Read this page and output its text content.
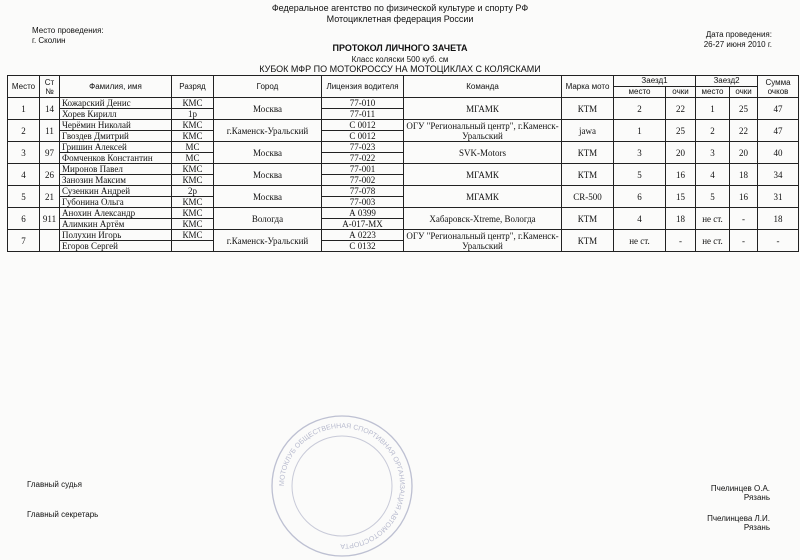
Федеральное агентство по физической культуре и спорту РФ
Мотоциклетная федерация России
Место проведения:
г. Сколин
Дата проведения:
26-27 июня 2010 г.
ПРОТОКОЛ ЛИЧНОГО ЗАЧЕТА
Класс коляски 500 куб. см
КУБОК МФР ПО МОТОКРОССУ НА МОТОЦИКЛАХ С КОЛЯСКАМИ
Место	Ст №	Фамилия, имя	Разряд	Город	Лицензия водителя	Команда	Марка мото	Заезд1		Заезд2		Сумма очков
								место	очки	место	очки	
1	14	Кожарский Денис	КМС	Москва	77-010	МГАМК	КТМ	2	22	1	25	47
		Хорев Кирилл	1р		77-011							
2	11	Черёмин Николай	КМС	г.Каменск-Уральский	С 0012	ОГУ "Региональный центр", г.Каменск-Уральский	jawa	1	25	2	22	47
		Гвоздев Дмитрий	КМС		С 0012							
3	97	Гришин Алексей	МС	Москва	77-023	SVK-Motors	КТМ	3	20	3	20	40
		Фомченков Константин	МС		77-022							
4	26	Миронов Павел	КМС	Москва	77-001	МГАМК	КТМ	5	16	4	18	34
		Занозин Максим	КМС		77-002							
5	21	Сузенкин Андрей	2р	Москва	77-078	МГАМК	CR-500	6	15	5	16	31
		Губонина Ольга	КМС		77-003							
6	911	Анохин Александр	КМС	Вологда	А 0399	Хабаровск-Xtreme, Вологда	КТМ	4	18	не ст.	-	18
		Алимкин Артём	КМС		А-017-МХ							
7		Полухин Игорь	КМС	г.Каменск-Уральский	А 0223	ОГУ "Региональный центр", г.Каменск-Уральский	КТМ	не ст.	-	не ст.	-	-
		Егоров Сергей			С 0132							
Главный судья
Главный секретарь
Пчелинцев О.А.
Рязань
Пчелинцева Л.И.
Рязань
МОТОКЛУБ ОБЩЕСТВЕННАЯ СПОРТИВНАЯ ОРГАНИЗАЦИЯ АВТОМОТОСПОРТА
